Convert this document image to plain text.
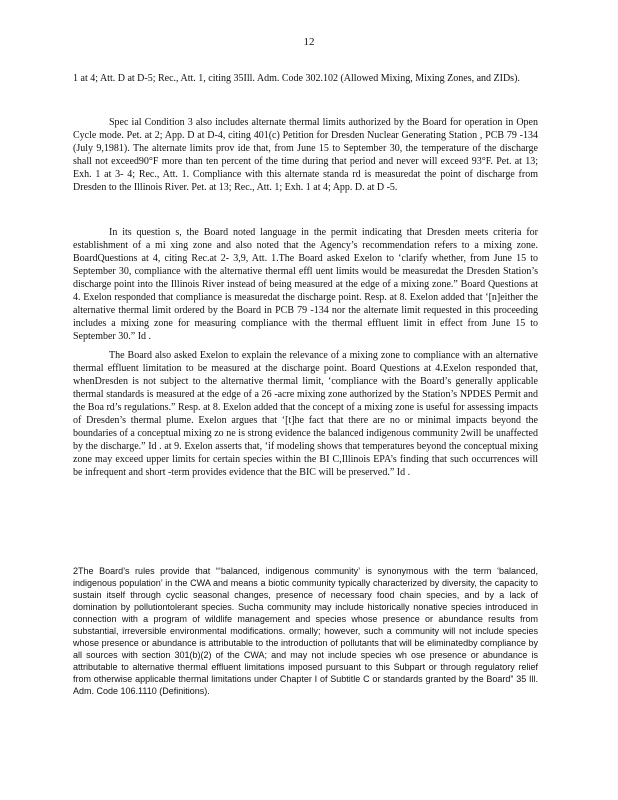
12

1 at 4; Att. D at D-5; Rec., Att. 1, citing 35Ill. Adm. Code 302.102 (Allowed Mixing, Mixing Zones, and ZIDs).

Spec ial Condition 3 also includes alternate thermal limits authorized by the Board for operation in Open Cycle mode. Pet. at 2; App. D at D-4, citing 401(c) Petition for Dresden Nuclear Generating Station , PCB 79 -134 (July 9,1981). The alternate limits prov ide that, from June 15 to September 30, the temperature of the discharge shall not exceed90°F more than ten percent of the time during that period and never will exceed 93°F. Pet. at 13; Exh. 1 at 3- 4; Rec., Att. 1. Compliance with this alternate standa rd is measuredat the point of discharge from Dresden to the Illinois River. Pet. at 13; Rec., Att. 1; Exh. 1 at 4; App. D. at D -5.

In its question s, the Board noted language in the permit indicating that Dresden meets criteria for establishment of a mi xing zone and also noted that the Agency’s recommendation refers to a mixing zone. BoardQuestions at 4, citing Rec.at 2- 3,9, Att. 1.The Board asked Exelon to ‘clarify whether, from June 15 to September 30, compliance with the alternative thermal effl uent limits would be measuredat the Dresden Station’s discharge point into the Illinois River instead of being measured at the edge of a mixing zone.” Board Questions at 4. Exelon responded that compliance is measuredat the discharge point. Resp. at 8. Exelon added that ‘[n]either the alternative thermal limit ordered by the Board in PCB 79 -134 nor the alternate limit requested in this proceeding includes a mixing zone for measuring compliance with the thermal effluent limit in effect from June 15 to September 30.” Id .

The Board also asked Exelon to explain the relevance of a mixing zone to compliance with an alternative thermal effluent limitation to be measured at the discharge point. Board Questions at 4.Exelon responded that, whenDresden is not subject to the alternative thermal limit, ‘compliance with the Board’s generally applicable thermal standards is measured at the edge of a 26 -acre mixing zone authorized by the Station’s NPDES Permit and the Boa rd’s regulations.” Resp. at 8. Exelon added that the concept of a mixing zone is useful for assessing impacts of Dresden’s thermal plume. Exelon argues that ‘[t]he fact that there are no or minimal impacts beyond the boundaries of a conceptual mixing zo ne is strong evidence the balanced indigenous community 2will be unaffected by the discharge.” Id . at 9. Exelon asserts that, ‘if modeling shows that temperatures beyond the conceptual mixing zone may exceed upper limits for certain species within the BI C,Illinois EPA’s finding that such occurrences will be infrequent and short -term provides evidence that the BIC will be preserved.” Id .

2The Board’s rules provide that “‘balanced, indigenous community’ is synonymous with the term ‘balanced, indigenous population’ in the CWA and means a biotic community typically characterized by diversity, the capacity to sustain itself through cyclic seasonal changes, presence of necessary food chain species, and by a lack of domination by pollutiontolerant species. Sucha community may include historically nonative species introduced in connection with a program of wildlife management and species whose presence or abundance results from substantial, irreversible environmental modifications. ormally; however, such a community will not include species whose presence or abundance is attributable to the introduction of pollutants that will be eliminatedby compliance by all sources with section 301(b)(2) of the CWA; and may not include species wh ose presence or abundance is attributable to alternative thermal effluent limitations imposed pursuant to this Subpart or through regulatory relief from otherwise applicable thermal limitations under Chapter I of Subtitle C or standards granted by the Board” 35 Ill. Adm. Code 106.1110 (Definitions).
